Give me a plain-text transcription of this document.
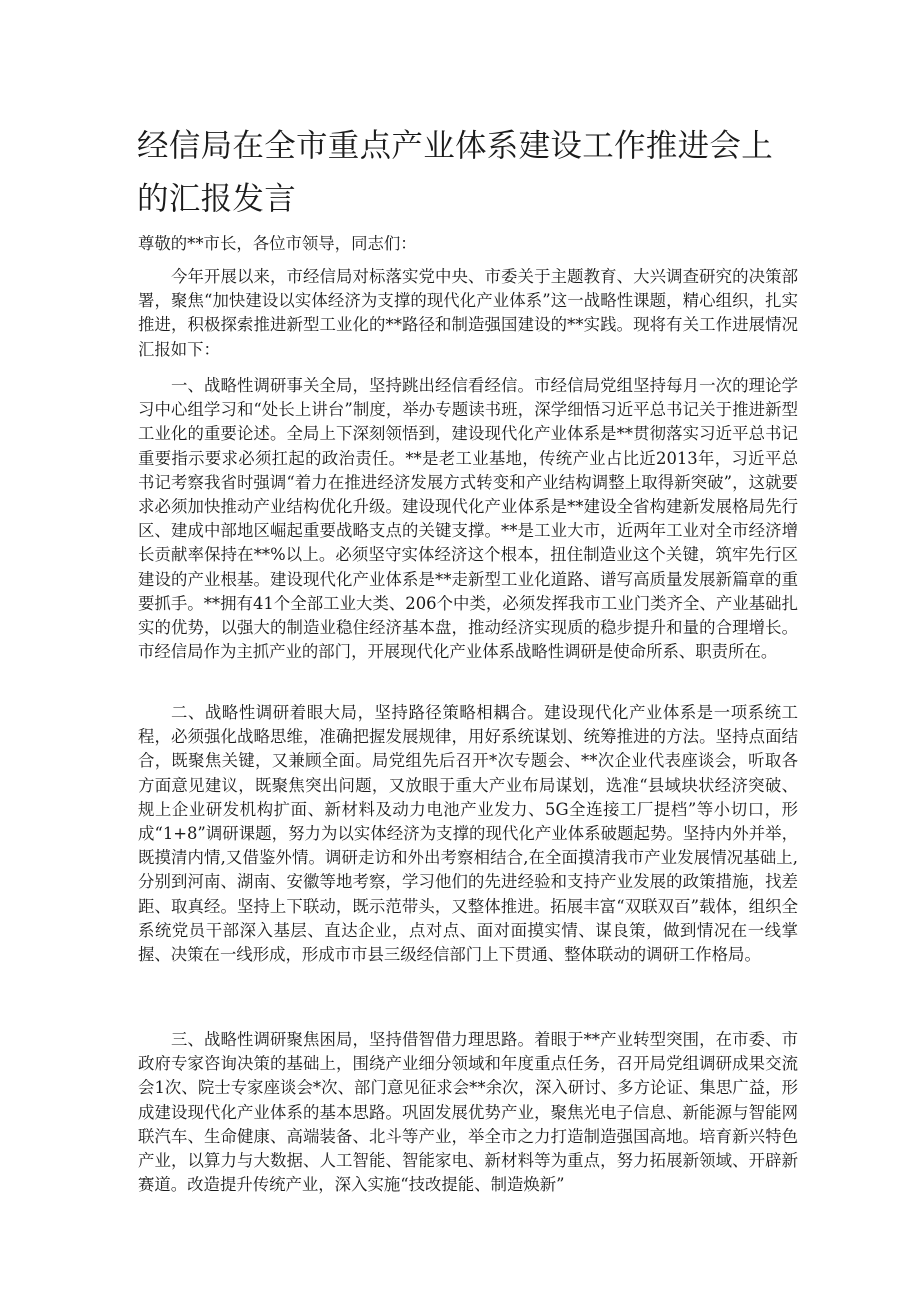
经信局在全市重点产业体系建设工作推进会上的汇报发言

尊敬的**市长，各位市领导，同志们：

今年开展以来，市经信局对标落实党中央、市委关于主题教育、大兴调查研究的决策部署，聚焦“加快建设以实体经济为支撑的现代化产业体系”这一战略性课题，精心组织，扎实推进，积极探索推进新型工业化的**路径和制造强国建设的**实践。现将有关工作进展情况汇报如下：

一、战略性调研事关全局，坚持跳出经信看经信。市经信局党组坚持每月一次的理论学习中心组学习和“处长上讲台”制度，举办专题读书班，深学细悟习近平总书记关于推进新型工业化的重要论述。全局上下深刻领悟到，建设现代化产业体系是**贯彻落实习近平总书记重要指示要求必须扛起的政治责任。**是老工业基地，传统产业占比近2013年，习近平总书记考察我省时强调“着力在推进经济发展方式转变和产业结构调整上取得新突破”，这就要求必须加快推动产业结构优化升级。建设现代化产业体系是**建设全省构建新发展格局先行区、建成中部地区崛起重要战略支点的关键支撑。**是工业大市，近两年工业对全市经济增长贡献率保持在**%以上。必须坚守实体经济这个根本，扭住制造业这个关键，筑牢先行区建设的产业根基。建设现代化产业体系是**走新型工业化道路、谱写高质量发展新篇章的重要抓手。**拥有41个全部工业大类、206个中类，必须发挥我市工业门类齐全、产业基础扎实的优势，以强大的制造业稳住经济基本盘，推动经济实现质的稳步提升和量的合理增长。市经信局作为主抓产业的部门，开展现代化产业体系战略性调研是使命所系、职责所在。

二、战略性调研着眼大局，坚持路径策略相耦合。建设现代化产业体系是一项系统工程，必须强化战略思维，准确把握发展规律，用好系统谋划、统筹推进的方法。坚持点面结合，既聚焦关键，又兼顾全面。局党组先后召开*次专题会、**次企业代表座谈会，听取各方面意见建议，既聚焦突出问题，又放眼于重大产业布局谋划，选准“县域块状经济突破、规上企业研发机构扩面、新材料及动力电池产业发力、5G全连接工厂提档”等小切口，形成“1+8”调研课题，努力为以实体经济为支撑的现代化产业体系破题起势。坚持内外并举，既摸清内情,又借鉴外情。调研走访和外出考察相结合,在全面摸清我市产业发展情况基础上,分别到河南、湖南、安徽等地考察，学习他们的先进经验和支持产业发展的政策措施，找差距、取真经。坚持上下联动，既示范带头，又整体推进。拓展丰富“双联双百”载体，组织全系统党员干部深入基层、直达企业，点对点、面对面摸实情、谋良策，做到情况在一线掌握、决策在一线形成，形成市市县三级经信部门上下贯通、整体联动的调研工作格局。

三、战略性调研聚焦困局，坚持借智借力理思路。着眼于**产业转型突围，在市委、市政府专家咨询决策的基础上，围绕产业细分领域和年度重点任务，召开局党组调研成果交流会1次、院士专家座谈会*次、部门意见征求会**余次，深入研讨、多方论证、集思广益，形成建设现代化产业体系的基本思路。巩固发展优势产业，聚焦光电子信息、新能源与智能网联汽车、生命健康、高端装备、北斗等产业，举全市之力打造制造强国高地。培育新兴特色产业，以算力与大数据、人工智能、智能家电、新材料等为重点，努力拓展新领域、开辟新赛道。改造提升传统产业，深入实施“技改提能、制造焕新”
